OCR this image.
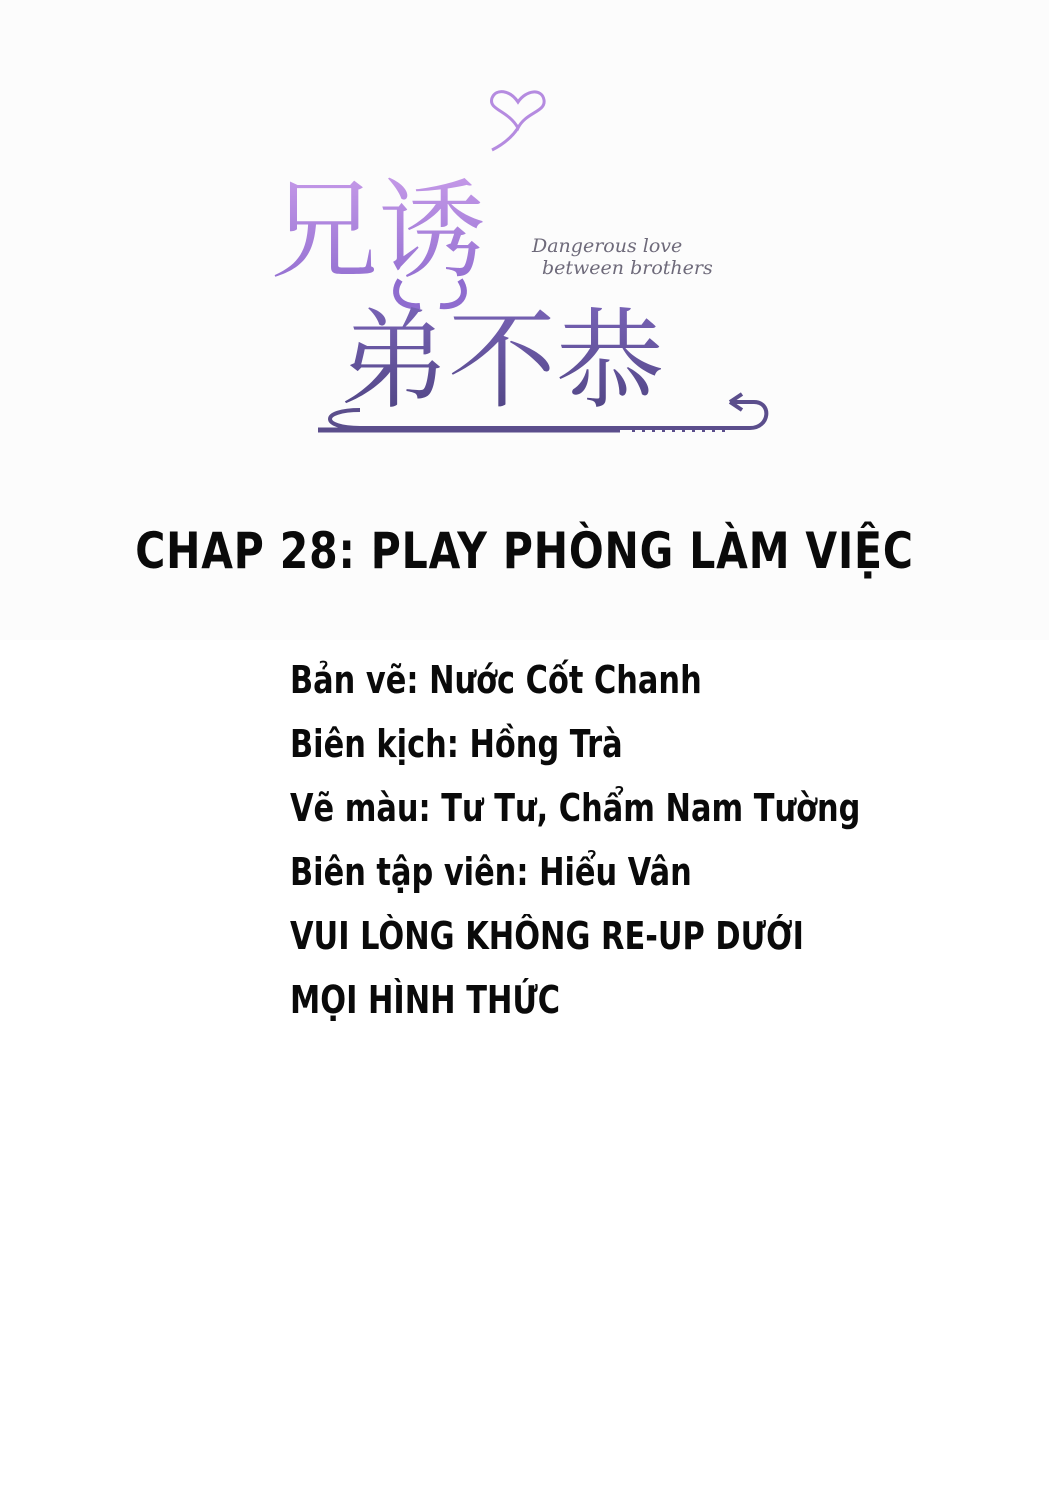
兄诱 Dangerous love
between brothers
弟不恭
CHAP 28: PLAY PHÒNG LÀM VIỆC
Bản vẽ: Nước Cốt Chanh
Biên kịch: Hồng Trà
Vẽ màu: Tư Tư, Chẩm Nam Tường
Biên tập viên: Hiểu Vân
VUI LÒNG KHÔNG RE-UP DƯỚI
MỌI HÌNH THỨC
